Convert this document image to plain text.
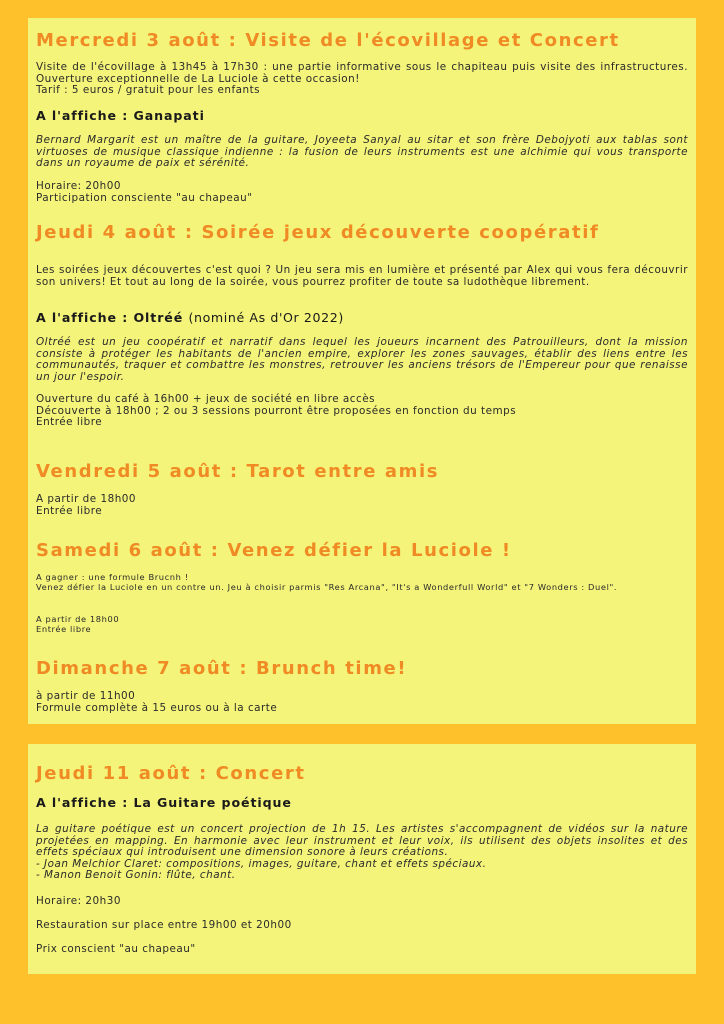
Mercredi 3 août : Visite de l'écovillage et Concert

Visite de l'écovillage à 13h45 à 17h30 : une partie informative sous le chapiteau puis visite des infrastructures. Ouverture exceptionnelle de La Luciole à cette occasion!
Tarif : 5 euros / gratuit pour les enfants

A l'affiche : Ganapati

Bernard Margarit est un maître de la guitare, Joyeeta Sanyal au sitar et son frère Debojyoti aux tablas sont virtuoses de musique classique indienne : la fusion de leurs instruments est une alchimie qui vous transporte dans un royaume de paix et sérénité.

Horaire: 20h00
Participation consciente "au chapeau"

Jeudi 4 août : Soirée jeux découverte coopératif

Les soirées jeux découvertes c'est quoi ? Un jeu sera mis en lumière et présenté par Alex qui vous fera découvrir son univers! Et tout au long de la soirée, vous pourrez profiter de toute sa ludothèque librement.

A l'affiche : Oltréé (nominé As d'Or 2022)

Oltréé est un jeu coopératif et narratif dans lequel les joueurs incarnent des Patrouilleurs, dont la mission consiste à protéger les habitants de l'ancien empire, explorer les zones sauvages, établir des liens entre les communautés, traquer et combattre les monstres, retrouver les anciens trésors de l'Empereur pour que renaisse un jour l'espoir.

Ouverture du café à 16h00 + jeux de société en libre accès
Découverte à 18h00 ; 2 ou 3 sessions pourront être proposées en fonction du temps
Entrée libre

Vendredi 5 août : Tarot entre amis

A partir de 18h00
Entrée libre

Samedi 6 août : Venez défier la Luciole !

A gagner : une formule Brucnh !
Venez défier la Luciole en un contre un. Jeu à choisir parmis "Res Arcana", "It's a Wonderfull World" et "7 Wonders : Duel".

A partir de 18h00
Entrée libre

Dimanche 7 août : Brunch time!

à partir de 11h00
Formule complète à 15 euros ou à la carte

Jeudi 11 août : Concert

A l'affiche : La Guitare poétique

La guitare poétique est un concert projection de 1h 15. Les artistes s'accompagnent de vidéos sur la nature projetées en mapping. En harmonie avec leur instrument et leur voix, ils utilisent des objets insolites et des effets spéciaux qui introduisent une dimension sonore à leurs créations.
- Joan Melchior Claret: compositions, images, guitare, chant et effets spéciaux.
- Manon Benoit Gonin: flûte, chant.

Horaire: 20h30

Restauration sur place entre 19h00 et 20h00

Prix conscient "au chapeau"
